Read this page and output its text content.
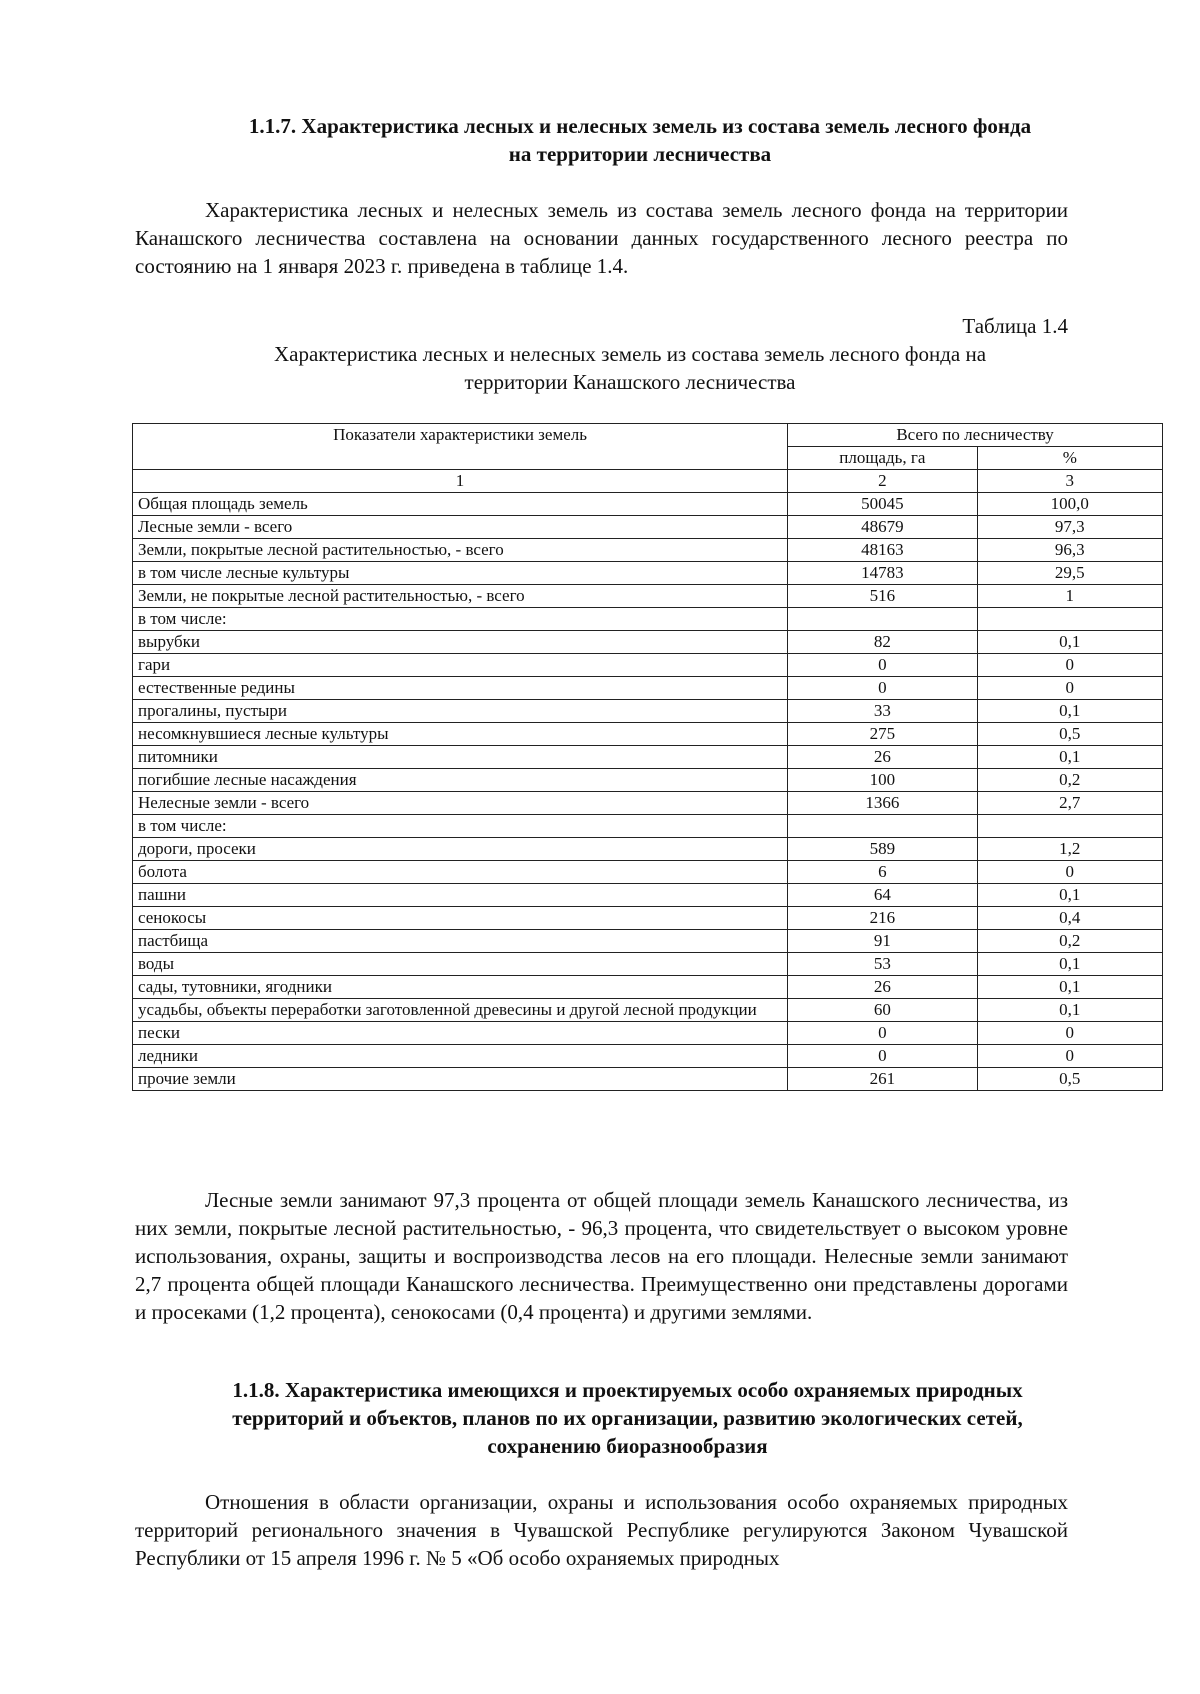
1.1.7. Характеристика лесных и нелесных земель из состава земель лесного фонда
на территории лесничества

Характеристика лесных и нелесных земель из состава земель лесного фонда на территории Канашского лесничества составлена на основании данных государственного лесного реестра по состоянию на 1 января 2023 г. приведена в таблице 1.4.

Таблица 1.4

Характеристика лесных и нелесных земель из состава земель лесного фонда на
территории Канашского лесничества

Показатели характеристики земель	Всего по лесничеству	
	площадь, га	%
1	2	3
Общая площадь земель	50045	100,0
Лесные земли - всего	48679	97,3
Земли, покрытые лесной растительностью, - всего	48163	96,3
в том числе лесные культуры	14783	29,5
Земли, не покрытые лесной растительностью, - всего	516	1
в том числе:		
вырубки	82	0,1
гари	0	0
естественные редины	0	0
прогалины, пустыри	33	0,1
несомкнувшиеся лесные культуры	275	0,5
питомники	26	0,1
погибшие лесные насаждения	100	0,2
Нелесные земли - всего	1366	2,7
в том числе:		
дороги, просеки	589	1,2
болота	6	0
пашни	64	0,1
сенокосы	216	0,4
пастбища	91	0,2
воды	53	0,1
сады, тутовники, ягодники	26	0,1
усадьбы, объекты переработки заготовленной древесины и другой лесной продукции	60	0,1
пески	0	0
ледники	0	0
прочие земли	261	0,5

Лесные земли занимают 97,3 процента от общей площади земель Канашского лесничества, из них земли, покрытые лесной растительностью, - 96,3 процента, что свидетельствует о высоком уровне использования, охраны, защиты и воспроизводства лесов на его площади. Нелесные земли занимают 2,7 процента общей площади Канашского лесничества. Преимущественно они представлены дорогами и просеками (1,2 процента), сенокосами (0,4 процента) и другими землями.

1.1.8. Характеристика имеющихся и проектируемых особо охраняемых природных
территорий и объектов, планов по их организации, развитию экологических сетей,
сохранению биоразнообразия

Отношения в области организации, охраны и использования особо охраняемых природных территорий регионального значения в Чувашской Республике регулируются Законом Чувашской Республики от 15 апреля 1996 г. № 5 «Об особо охраняемых природных
